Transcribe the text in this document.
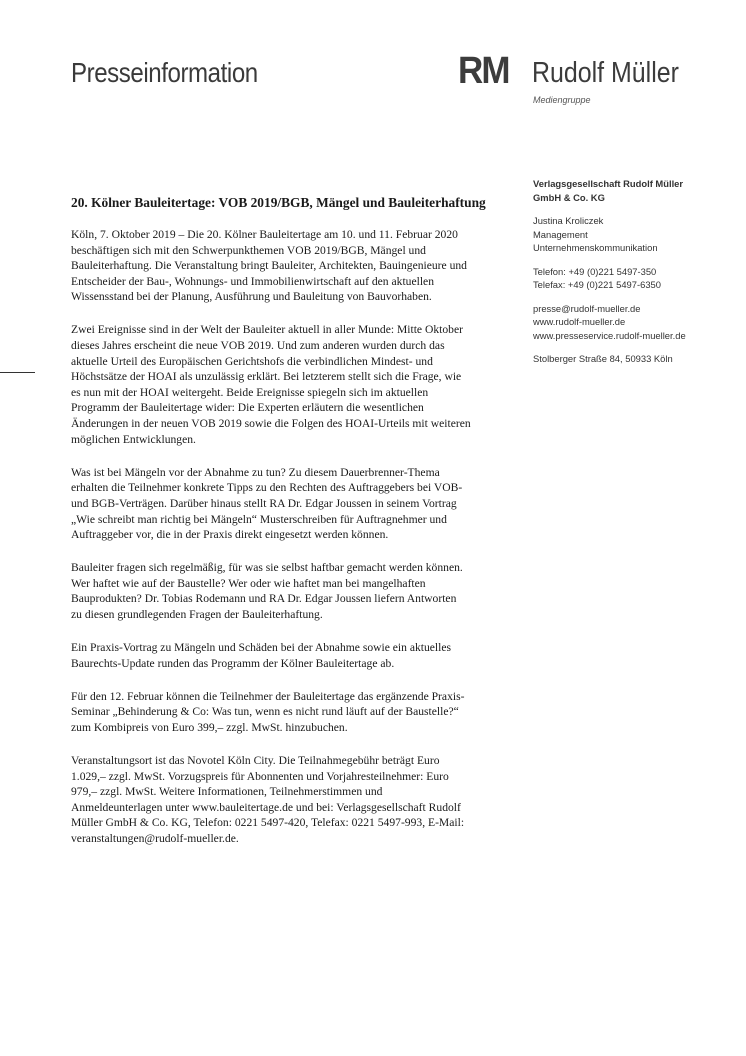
Presseinformation	RM Rudolf Müller
Mediengruppe
Verlagsgesellschaft Rudolf Müller
GmbH & Co. KG
Justina Kroliczek
Management
Unternehmenskommunikation
Telefon: +49 (0)221 5497-350
Telefax: +49 (0)221 5497-6350
presse@rudolf-mueller.de
www.rudolf-mueller.de
www.presseservice.rudolf-mueller.de
Stolberger Straße 84, 50933 Köln
20. Kölner Bauleitertage: VOB 2019/BGB, Mängel und Bauleiterhaftung
Köln, 7. Oktober 2019 – Die 20. Kölner Bauleitertage am 10. und 11. Februar 2020
beschäftigen sich mit den Schwerpunkthemen VOB 2019/BGB, Mängel und
Bauleiterhaftung. Die Veranstaltung bringt Bauleiter, Architekten, Bauingenieure und
Entscheider der Bau-, Wohnungs- und Immobilienwirtschaft auf den aktuellen
Wissensstand bei der Planung, Ausführung und Bauleitung von Bauvorhaben.
Zwei Ereignisse sind in der Welt der Bauleiter aktuell in aller Munde: Mitte Oktober
dieses Jahres erscheint die neue VOB 2019. Und zum anderen wurden durch das
aktuelle Urteil des Europäischen Gerichtshofs die verbindlichen Mindest- und
Höchstsätze der HOAI als unzulässig erklärt. Bei letzterem stellt sich die Frage, wie
es nun mit der HOAI weitergeht. Beide Ereignisse spiegeln sich im aktuellen
Programm der Bauleitertage wider: Die Experten erläutern die wesentlichen
Änderungen in der neuen VOB 2019 sowie die Folgen des HOAI-Urteils mit weiteren
möglichen Entwicklungen.
Was ist bei Mängeln vor der Abnahme zu tun? Zu diesem Dauerbrenner-Thema
erhalten die Teilnehmer konkrete Tipps zu den Rechten des Auftraggebers bei VOB-
und BGB-Verträgen. Darüber hinaus stellt RA Dr. Edgar Joussen in seinem Vortrag
„Wie schreibt man richtig bei Mängeln“ Musterschreiben für Auftragnehmer und
Auftraggeber vor, die in der Praxis direkt eingesetzt werden können.
Bauleiter fragen sich regelmäßig, für was sie selbst haftbar gemacht werden können.
Wer haftet wie auf der Baustelle? Wer oder wie haftet man bei mangelhaften
Bauprodukten? Dr. Tobias Rodemann und RA Dr. Edgar Joussen liefern Antworten
zu diesen grundlegenden Fragen der Bauleiterhaftung.
Ein Praxis-Vortrag zu Mängeln und Schäden bei der Abnahme sowie ein aktuelles
Baurechts-Update runden das Programm der Kölner Bauleitertage ab.
Für den 12. Februar können die Teilnehmer der Bauleitertage das ergänzende Praxis-
Seminar „Behinderung & Co: Was tun, wenn es nicht rund läuft auf der Baustelle?“
zum Kombipreis von Euro 399,– zzgl. MwSt. hinzubuchen.
Veranstaltungsort ist das Novotel Köln City. Die Teilnahmegebühr beträgt Euro
1.029,– zzgl. MwSt. Vorzugspreis für Abonnenten und Vorjahresteilnehmer: Euro
979,– zzgl. MwSt. Weitere Informationen, Teilnehmerstimmen und
Anmeldeunterlagen unter www.bauleitertage.de und bei: Verlagsgesellschaft Rudolf
Müller GmbH & Co. KG, Telefon: 0221 5497-420, Telefax: 0221 5497-993, E-Mail:
veranstaltungen@rudolf-mueller.de.
